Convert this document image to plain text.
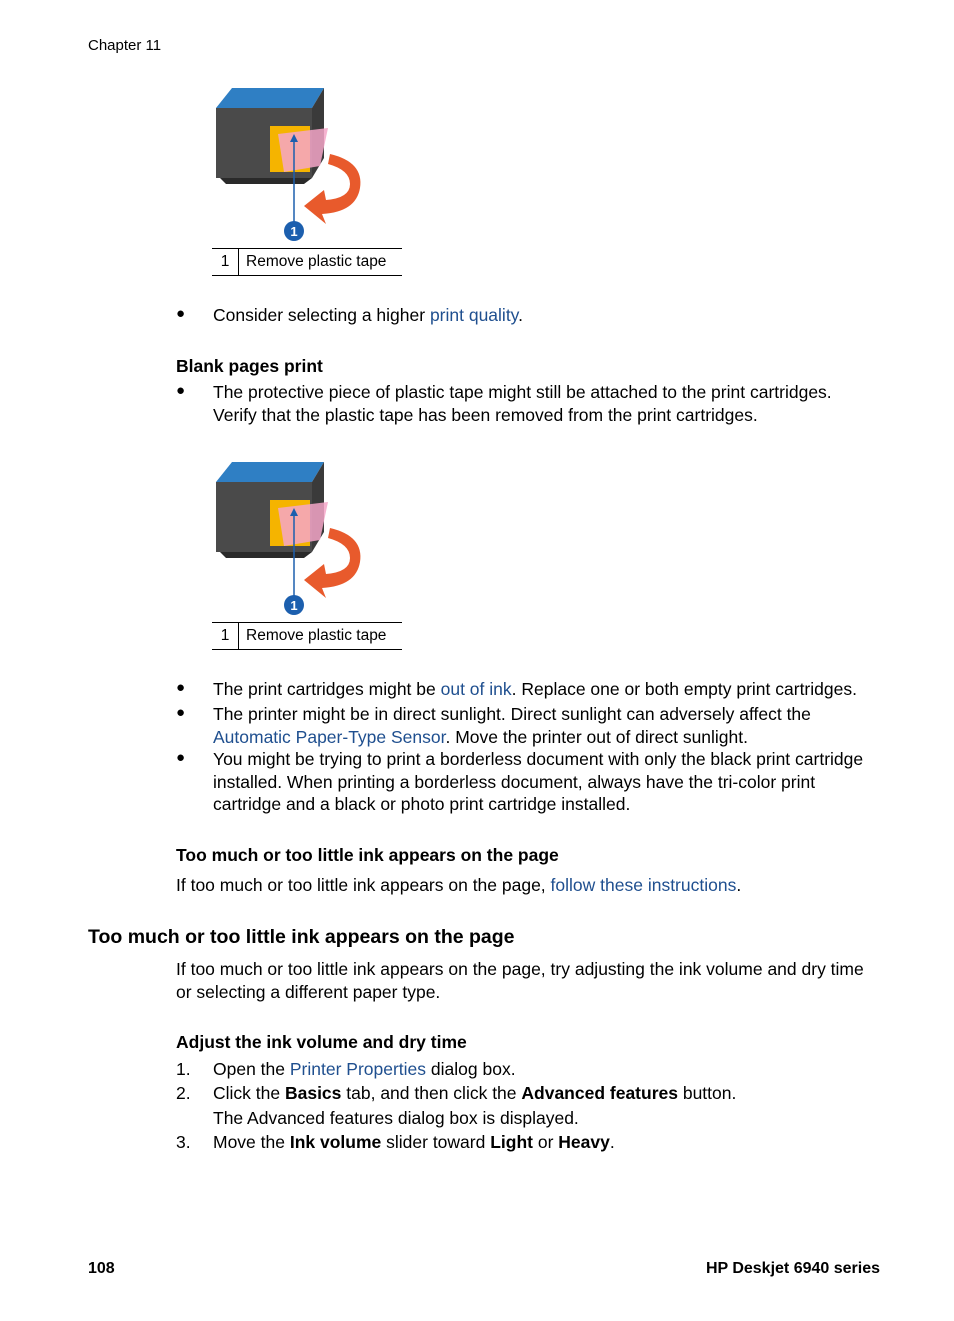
Chapter 11
1
1	Remove plastic tape
● Consider selecting a higher print quality.
Blank pages print
● The protective piece of plastic tape might still be attached to the print cartridges.
Verify that the plastic tape has been removed from the print cartridges.
1
1	Remove plastic tape
● The print cartridges might be out of ink. Replace one or both empty print cartridges.
● The printer might be in direct sunlight. Direct sunlight can adversely affect the
Automatic Paper-Type Sensor. Move the printer out of direct sunlight.
● You might be trying to print a borderless document with only the black print cartridge
installed. When printing a borderless document, always have the tri-color print
cartridge and a black or photo print cartridge installed.
Too much or too little ink appears on the page
If too much or too little ink appears on the page, follow these instructions.
Too much or too little ink appears on the page
If too much or too little ink appears on the page, try adjusting the ink volume and dry time
or selecting a different paper type.
Adjust the ink volume and dry time
1. Open the Printer Properties dialog box.
2. Click the Basics tab, and then click the Advanced features button.
The Advanced features dialog box is displayed.
3. Move the Ink volume slider toward Light or Heavy.
108	HP Deskjet 6940 series
